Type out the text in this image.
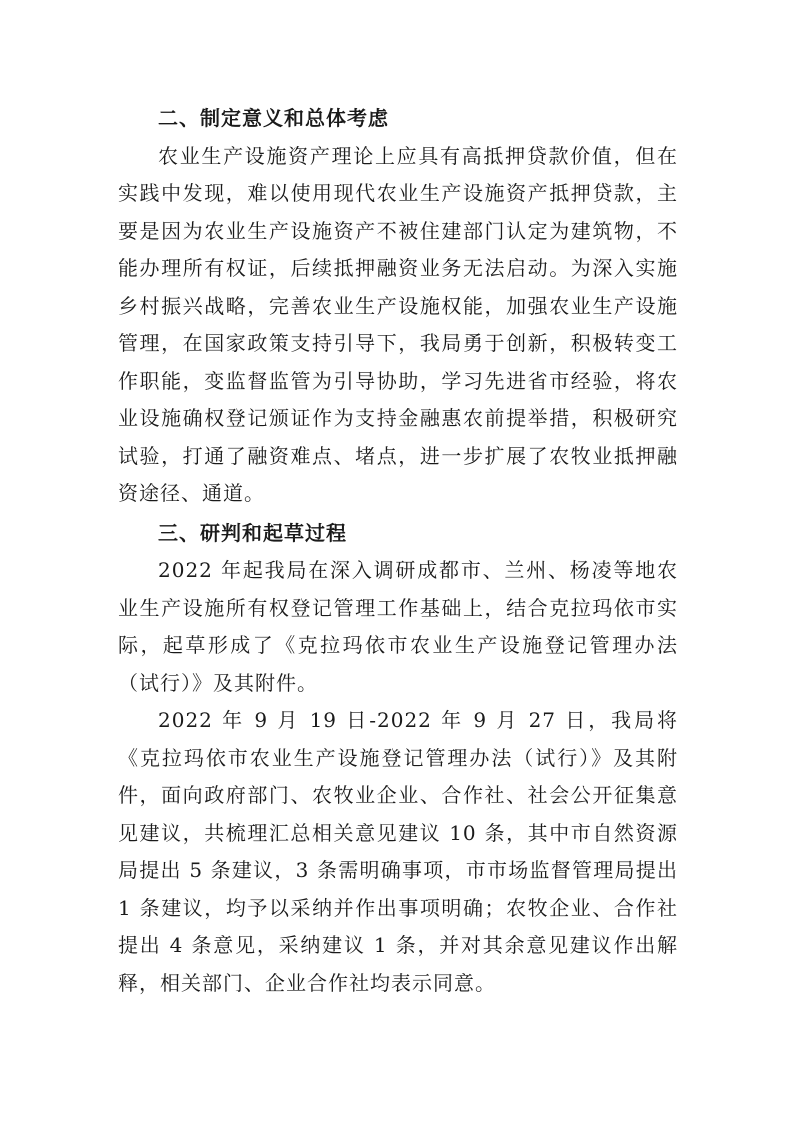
二、制定意义和总体考虑

农业生产设施资产理论上应具有高抵押贷款价值，但在实践中发现，难以使用现代农业生产设施资产抵押贷款，主要是因为农业生产设施资产不被住建部门认定为建筑物，不能办理所有权证，后续抵押融资业务无法启动。为深入实施乡村振兴战略，完善农业生产设施权能，加强农业生产设施管理，在国家政策支持引导下，我局勇于创新，积极转变工作职能，变监督监管为引导协助，学习先进省市经验，将农业设施确权登记颁证作为支持金融惠农前提举措，积极研究试验，打通了融资难点、堵点，进一步扩展了农牧业抵押融资途径、通道。

三、研判和起草过程

2022 年起我局在深入调研成都市、兰州、杨凌等地农业生产设施所有权登记管理工作基础上，结合克拉玛依市实际，起草形成了《克拉玛依市农业生产设施登记管理办法（试行）》及其附件。

2022 年 9 月 19 日-2022 年 9 月 27 日，我局将《克拉玛依市农业生产设施登记管理办法（试行）》及其附件，面向政府部门、农牧业企业、合作社、社会公开征集意见建议，共梳理汇总相关意见建议 10 条，其中市自然资源局提出 5 条建议，3 条需明确事项，市市场监督管理局提出 1 条建议，均予以采纳并作出事项明确；农牧企业、合作社提出 4 条意见，采纳建议 1 条，并对其余意见建议作出解释，相关部门、企业合作社均表示同意。
